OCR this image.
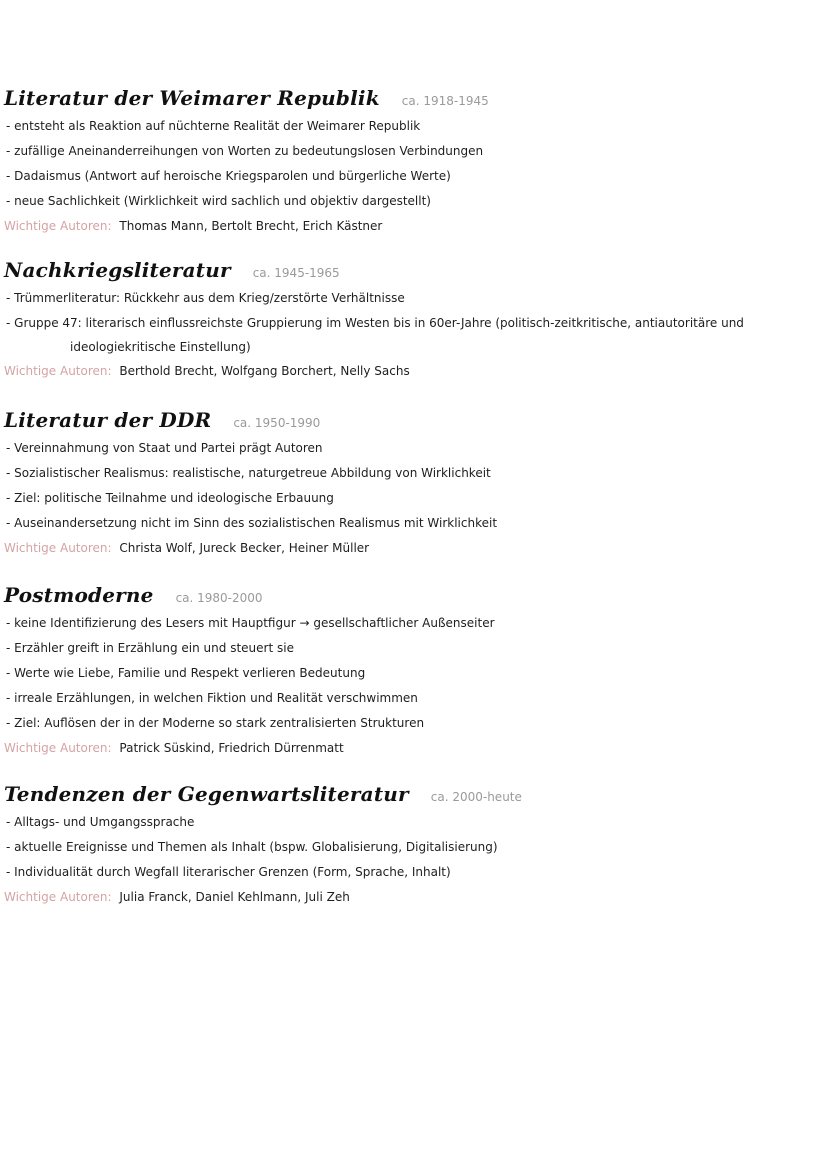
Literatur der Weimarer Republik	ca. 1918-1945
- entsteht als Reaktion auf nüchterne Realität der Weimarer Republik
- zufällige Aneinanderreihungen von Worten zu bedeutungslosen Verbindungen
- Dadaismus (Antwort auf heroische Kriegsparolen und bürgerliche Werte)
- neue Sachlichkeit (Wirklichkeit wird sachlich und objektiv dargestellt)
Wichtige Autoren: Thomas Mann, Bertolt Brecht, Erich Kästner
Nachkriegsliteratur	ca. 1945-1965
- Trümmerliteratur: Rückkehr aus dem Krieg/zerstörte Verhältnisse
- Gruppe 47: literarisch einflussreichste Gruppierung im Westen bis in 60er-Jahre (politisch-zeitkritische, antiautoritäre und ideologiekritische Einstellung)
Wichtige Autoren: Berthold Brecht, Wolfgang Borchert, Nelly Sachs
Literatur der DDR	ca. 1950-1990
- Vereinnahmung von Staat und Partei prägt Autoren
- Sozialistischer Realismus: realistische, naturgetreue Abbildung von Wirklichkeit
- Ziel: politische Teilnahme und ideologische Erbauung
- Auseinandersetzung nicht im Sinn des sozialistischen Realismus mit Wirklichkeit
Wichtige Autoren: Christa Wolf, Jureck Becker, Heiner Müller
Postmoderne	ca. 1980-2000
- keine Identifizierung des Lesers mit Hauptfigur → gesellschaftlicher Außenseiter
- Erzähler greift in Erzählung ein und steuert sie
- Werte wie Liebe, Familie und Respekt verlieren Bedeutung
- irreale Erzählungen, in welchen Fiktion und Realität verschwimmen
- Ziel: Auflösen der in der Moderne so stark zentralisierten Strukturen
Wichtige Autoren: Patrick Süskind, Friedrich Dürrenmatt
Tendenzen der Gegenwartsliteratur	ca. 2000-heute
- Alltags- und Umgangssprache
- aktuelle Ereignisse und Themen als Inhalt (bspw. Globalisierung, Digitalisierung)
- Individualität durch Wegfall literarischer Grenzen (Form, Sprache, Inhalt)
Wichtige Autoren: Julia Franck, Daniel Kehlmann, Juli Zeh
